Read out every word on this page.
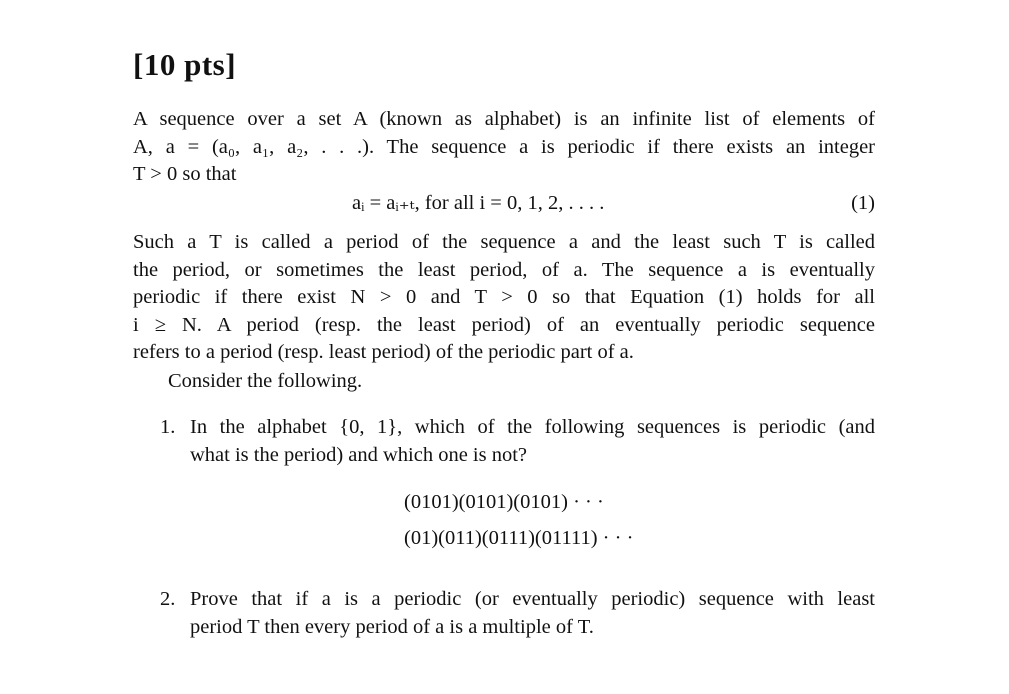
[10 pts]
A sequence over a set A (known as alphabet) is an infinite list of elements of
A, a = (a₀, a₁, a₂, . . .). The sequence a is periodic if there exists an integer
T > 0 so that
aᵢ = aᵢ₊ₜ, for all i = 0, 1, 2, . . . .	(1)
Such a T is called a period of the sequence a and the least such T is called
the period, or sometimes the least period, of a. The sequence a is eventually
periodic if there exist N > 0 and T > 0 so that Equation (1) holds for all
i ≥ N. A period (resp. the least period) of an eventually periodic sequence
refers to a period (resp. least period) of the periodic part of a.
Consider the following.
1. In the alphabet {0, 1}, which of the following sequences is periodic (and
what is the period) and which one is not?
(0101)(0101)(0101) · · ·
(01)(011)(0111)(01111) · · ·
2. Prove that if a is a periodic (or eventually periodic) sequence with least
period T then every period of a is a multiple of T.
